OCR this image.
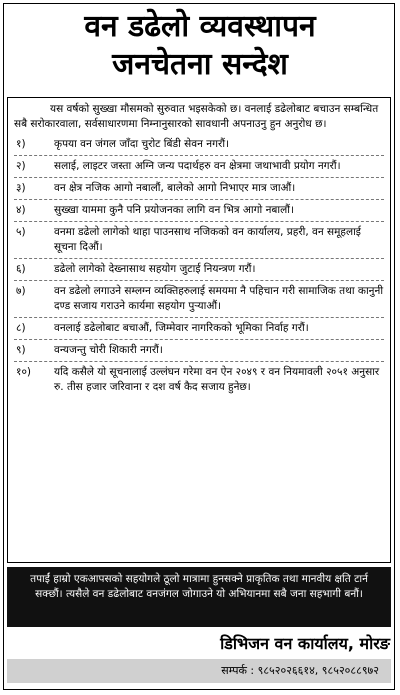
वन डढेलो व्यवस्थापन
जनचेतना सन्देश
यस वर्षको सुख्खा मौसमको सुरुवात भइसकेको छ। वनलाई डढेलोबाट बचाउन सम्बन्धित सबै सरोकारवाला, सर्वसाधारणमा निम्नानुसारको सावधानी अपनाउनु हुन अनुरोध छ।
१)	कृपया वन जंगल जाँदा चुरोट बिंडी सेवन नगरौं।
२)	सलाई, लाइटर जस्ता अग्नि जन्य पदार्थहरु वन क्षेत्रमा जथाभावी प्रयोग नगरौं।
३)	वन क्षेत्र नजिक आगो नबालौं, बालेको आगो निभाएर मात्र जाऔं।
४)	सुख्खा याममा कुनै पनि प्रयोजनका लागि वन भित्र आगो नबालौं।
५)	वनमा डढेलो लागेको थाहा पाउनसाथ नजिकको वन कार्यालय, प्रहरी, वन समूहलाई सूचना दिऔं।
६)	डढेलो लागेको देख्नासाथ सहयोग जुटाई नियन्त्रण गरौं।
७)	वन डढेलो लगाउने सम्लग्न व्यक्तिहरुलाई समयमा नै पहिचान गरी सामाजिक तथा कानुनी दण्ड सजाय गराउने कार्यमा सहयोग पुर्‍याऔं।
८)	वनलाई डढेलोबाट बचाऔं, जिम्मेवार नागरिकको भूमिका निर्वाह गरौं।
९)	वन्यजन्तु चोरी शिकारी नगरौं।
१०)	यदि कसैले यो सूचनालाई उल्लंघन गरेमा वन ऐन २०४९ र वन नियमावली २०५१ अनुसार रु. तीस हजार जरिवाना र दश वर्ष कैद सजाय हुनेछ।
तपाईं हाम्रो एकआपसको सहयोगले ठूलो मात्रामा हुनसक्ने प्राकृतिक तथा मानवीय क्षति टार्न सक्छौं। त्यसैले वन डढेलोबाट वनजंगल जोगाउने यो अभियानमा सबै जना सहभागी बनौं।
डिभिजन वन कार्यालय, मोरङ
सम्पर्क : ९८५२०२६६१४, ९८५२०८८९७२
